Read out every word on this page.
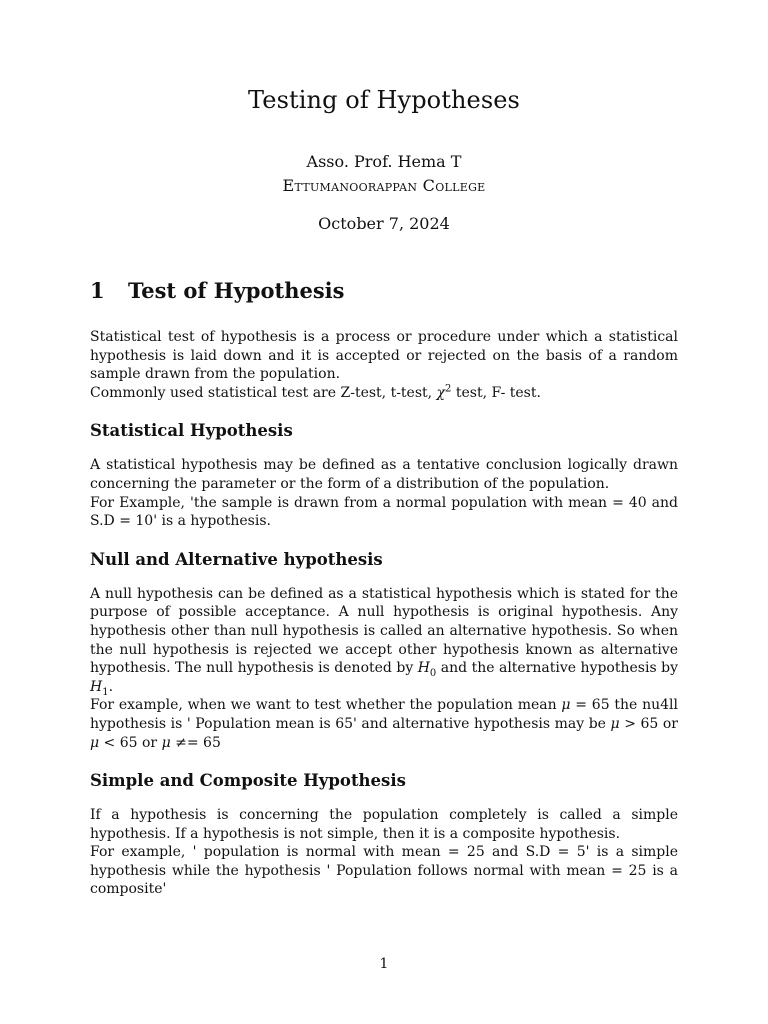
Testing of Hypotheses
Asso. Prof. Hema T
Ettumanoorappan College
October 7, 2024
1 Test of Hypothesis

Statistical test of hypothesis is a process or procedure under which a statistical hypothesis is laid down and it is accepted or rejected on the basis of a random sample drawn from the population.

Commonly used statistical test are Z-test, t-test, $\chi^2$ test, F- test.

Statistical Hypothesis

A statistical hypothesis may be defined as a tentative conclusion logically drawn concerning the parameter or the form of a distribution of the population.

For Example, 'the sample is drawn from a normal population with mean = 40 and S.D = 10' is a hypothesis.

Null and Alternative hypothesis

A null hypothesis can be defined as a statistical hypothesis which is stated for the purpose of possible acceptance. A null hypothesis is original hypothesis. Any hypothesis other than null hypothesis is called an alternative hypothesis. So when the null hypothesis is rejected we accept other hypothesis known as alternative hypothesis. The null hypothesis is denoted by $H_0$ and the alternative hypothesis by $H_1$.

For example, when we want to test whether the population mean μ = 65 the nu4ll hypothesis is ' Population mean is 65' and alternative hypothesis may be μ > 65 or μ < 65 or μ ≠= 65

Simple and Composite Hypothesis

If a hypothesis is concerning the population completely is called a simple hypothesis. If a hypothesis is not simple, then it is a composite hypothesis.

For example, ' population is normal with mean = 25 and S.D = 5' is a simple hypothesis while the hypothesis ' Population follows normal with mean = 25 is a composite'

1
